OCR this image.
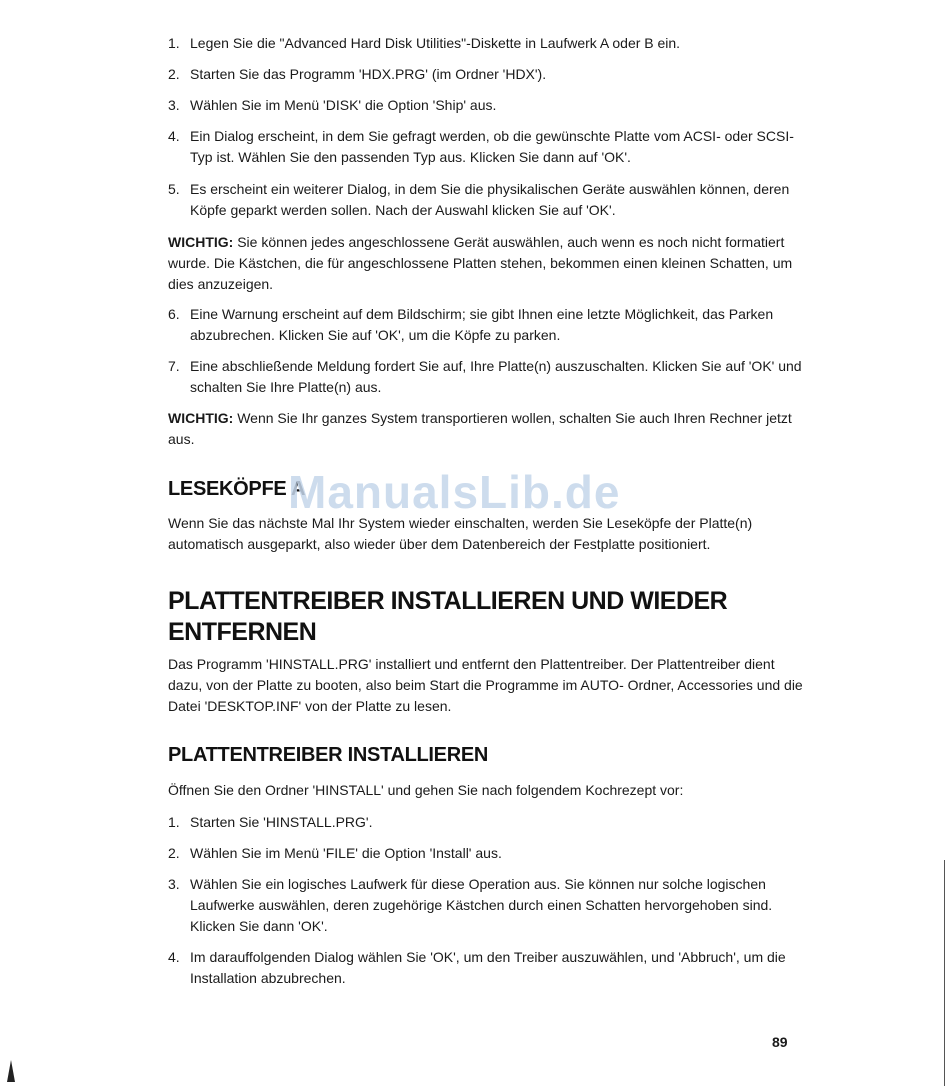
1. Legen Sie die "Advanced Hard Disk Utilities"-Diskette in Laufwerk A oder B ein.
2. Starten Sie das Programm 'HDX.PRG' (im Ordner 'HDX').
3. Wählen Sie im Menü 'DISK' die Option 'Ship' aus.
4. Ein Dialog erscheint, in dem Sie gefragt werden, ob die gewünschte Platte vom ACSI- oder SCSI-Typ ist. Wählen Sie den passenden Typ aus. Klicken Sie dann auf 'OK'.
5. Es erscheint ein weiterer Dialog, in dem Sie die physikalischen Geräte auswählen können, deren Köpfe geparkt werden sollen. Nach der Auswahl klicken Sie auf 'OK'.
WICHTIG: Sie können jedes angeschlossene Gerät auswählen, auch wenn es noch nicht formatiert wurde. Die Kästchen, die für angeschlossene Platten stehen, bekommen einen kleinen Schatten, um dies anzuzeigen.
6. Eine Warnung erscheint auf dem Bildschirm; sie gibt Ihnen eine letzte Möglichkeit, das Parken abzubrechen. Klicken Sie auf 'OK', um die Köpfe zu parken.
7. Eine abschließende Meldung fordert Sie auf, Ihre Platte(n) auszuschalten. Klicken Sie auf 'OK' und schalten Sie Ihre Platte(n) aus.
WICHTIG: Wenn Sie Ihr ganzes System transportieren wollen, schalten Sie auch Ihren Rechner jetzt aus.
LESEKÖPFE A
ManualsLib.de
Wenn Sie das nächste Mal Ihr System wieder einschalten, werden Sie Leseköpfe der Platte(n) automatisch ausgeparkt, also wieder über dem Datenbereich der Festplatte positioniert.
PLATTENTREIBER INSTALLIEREN UND WIEDER
ENTFERNEN
Das Programm 'HINSTALL.PRG' installiert und entfernt den Plattentreiber. Der Plattentreiber dient dazu, von der Platte zu booten, also beim Start die Programme im AUTO- Ordner, Accessories und die Datei 'DESKTOP.INF' von der Platte zu lesen.
PLATTENTREIBER INSTALLIEREN
Öffnen Sie den Ordner 'HINSTALL' und gehen Sie nach folgendem Kochrezept vor:
1. Starten Sie 'HINSTALL.PRG'.
2. Wählen Sie im Menü 'FILE' die Option 'Install' aus.
3. Wählen Sie ein logisches Laufwerk für diese Operation aus. Sie können nur solche logischen Laufwerke auswählen, deren zugehörige Kästchen durch einen Schatten hervorgehoben sind. Klicken Sie dann 'OK'.
4. Im darauffolgenden Dialog wählen Sie 'OK', um den Treiber auszuwählen, und 'Abbruch', um die Installation abzubrechen.
89
